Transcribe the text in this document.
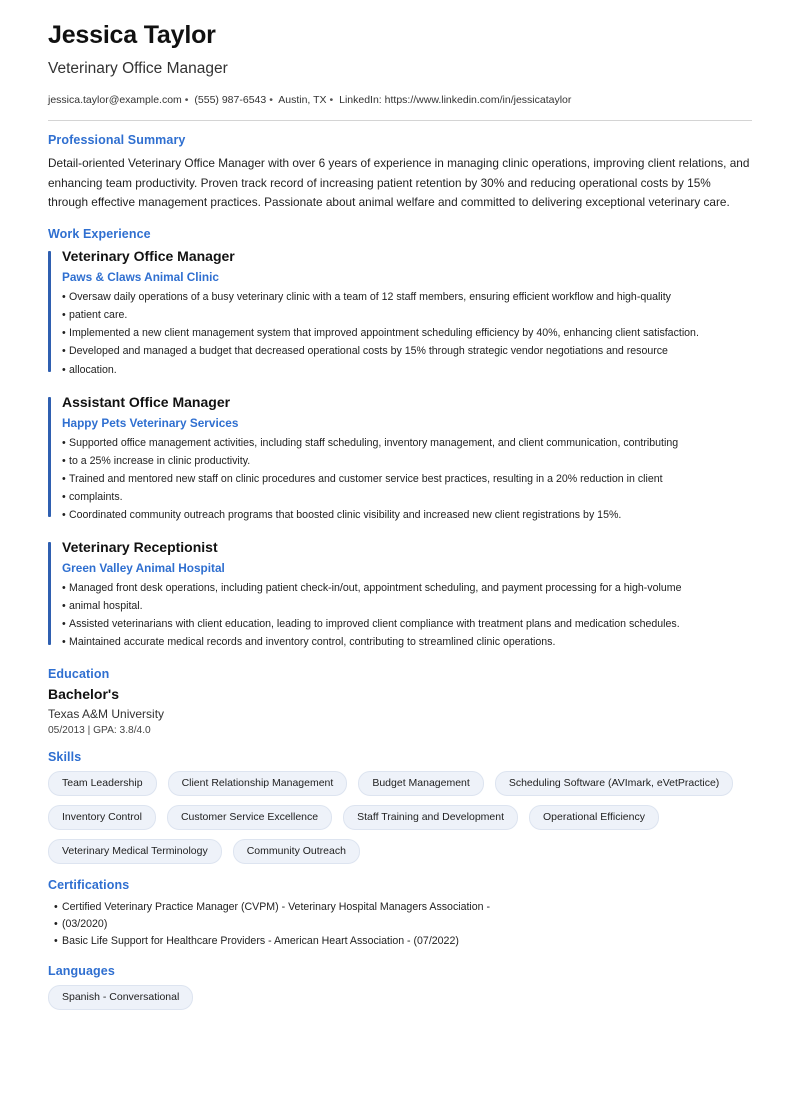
Jessica Taylor
Veterinary Office Manager
jessica.taylor@example.com • (555) 987-6543 • Austin, TX • LinkedIn: https://www.linkedin.com/in/jessicataylor
Professional Summary

Detail-oriented Veterinary Office Manager with over 6 years of experience in managing clinic operations, improving client relations, and enhancing team productivity. Proven track record of increasing patient retention by 30% and reducing operational costs by 15% through effective management practices. Passionate about animal welfare and committed to delivering exceptional veterinary care.

Work Experience
Veterinary Office Manager
Paws & Claws Animal Clinic
• Oversaw daily operations of a busy veterinary clinic with a team of 12 staff members, ensuring efficient workflow and high-quality
• patient care.
• Implemented a new client management system that improved appointment scheduling efficiency by 40%, enhancing client satisfaction.
• Developed and managed a budget that decreased operational costs by 15% through strategic vendor negotiations and resource
• allocation.
Assistant Office Manager
Happy Pets Veterinary Services
• Supported office management activities, including staff scheduling, inventory management, and client communication, contributing
• to a 25% increase in clinic productivity.
• Trained and mentored new staff on clinic procedures and customer service best practices, resulting in a 20% reduction in client
• complaints.
• Coordinated community outreach programs that boosted clinic visibility and increased new client registrations by 15%.
Veterinary Receptionist
Green Valley Animal Hospital
• Managed front desk operations, including patient check-in/out, appointment scheduling, and payment processing for a high-volume
• animal hospital.
• Assisted veterinarians with client education, leading to improved client compliance with treatment plans and medication schedules.
• Maintained accurate medical records and inventory control, contributing to streamlined clinic operations.
Education
Bachelor's
Texas A&M University
05/2013 | GPA: 3.8/4.0
Skills
Team Leadership	Client Relationship Management	Budget Management	Scheduling Software (AVImark, eVetPractice)
Inventory Control	Customer Service Excellence	Staff Training and Development	Operational Efficiency
Veterinary Medical Terminology	Community Outreach
Certifications
• Certified Veterinary Practice Manager (CVPM) - Veterinary Hospital Managers Association -
• (03/2020)
• Basic Life Support for Healthcare Providers - American Heart Association - (07/2022)
Languages
Spanish - Conversational
